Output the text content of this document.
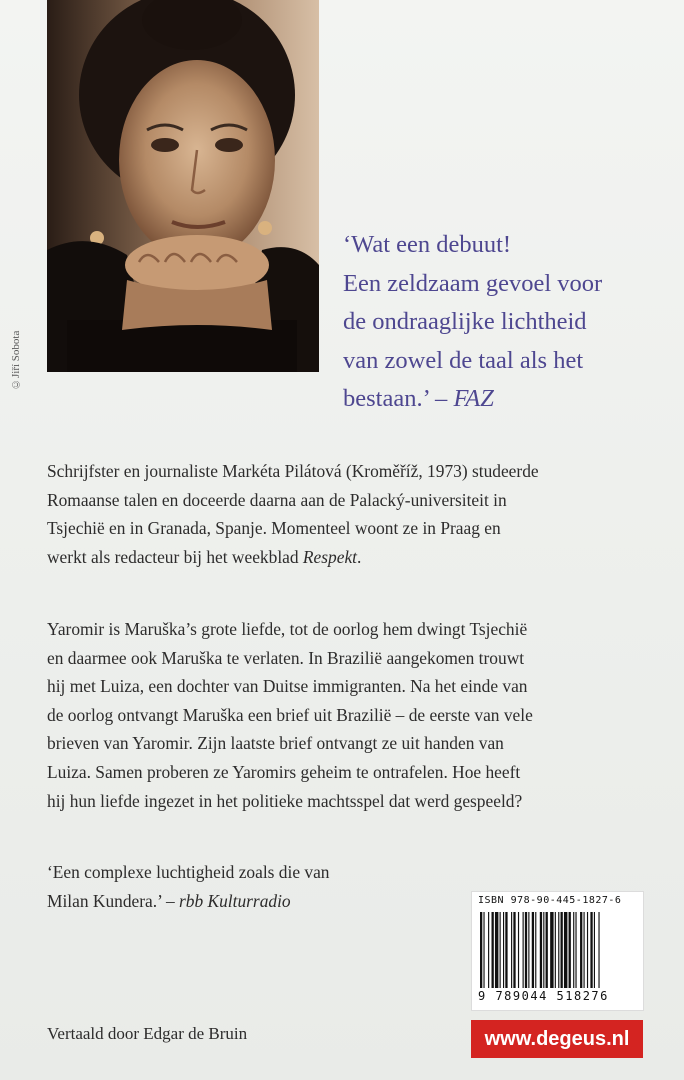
©Jiří Sobota
‘Wat een debuut!
Een zeldzaam gevoel voor
de ondraaglijke lichtheid
van zowel de taal als het
bestaan.’ – FAZ
Schrijfster en journaliste Markéta Pilátová (Kroměříž, 1973) studeerde
Romaanse talen en doceerde daarna aan de Palacký-universiteit in
Tsjechië en in Granada, Spanje. Momenteel woont ze in Praag en
werkt als redacteur bij het weekblad Respekt.
Yaromir is Maruška’s grote liefde, tot de oorlog hem dwingt Tsjechië
en daarmee ook Maruška te verlaten. In Brazilië aangekomen trouwt
hij met Luiza, een dochter van Duitse immigranten. Na het einde van
de oorlog ontvangt Maruška een brief uit Brazilië – de eerste van vele
brieven van Yaromir. Zijn laatste brief ontvangt ze uit handen van
Luiza. Samen proberen ze Yaromirs geheim te ontrafelen. Hoe heeft
hij hun liefde ingezet in het politieke machtsspel dat werd gespeeld?
‘Een complexe luchtigheid zoals die van
Milan Kundera.’ – rbb Kulturradio
Vertaald door Edgar de Bruin
ISBN 978-90-445-1827-6
9 789044 518276
www.degeus.nl
